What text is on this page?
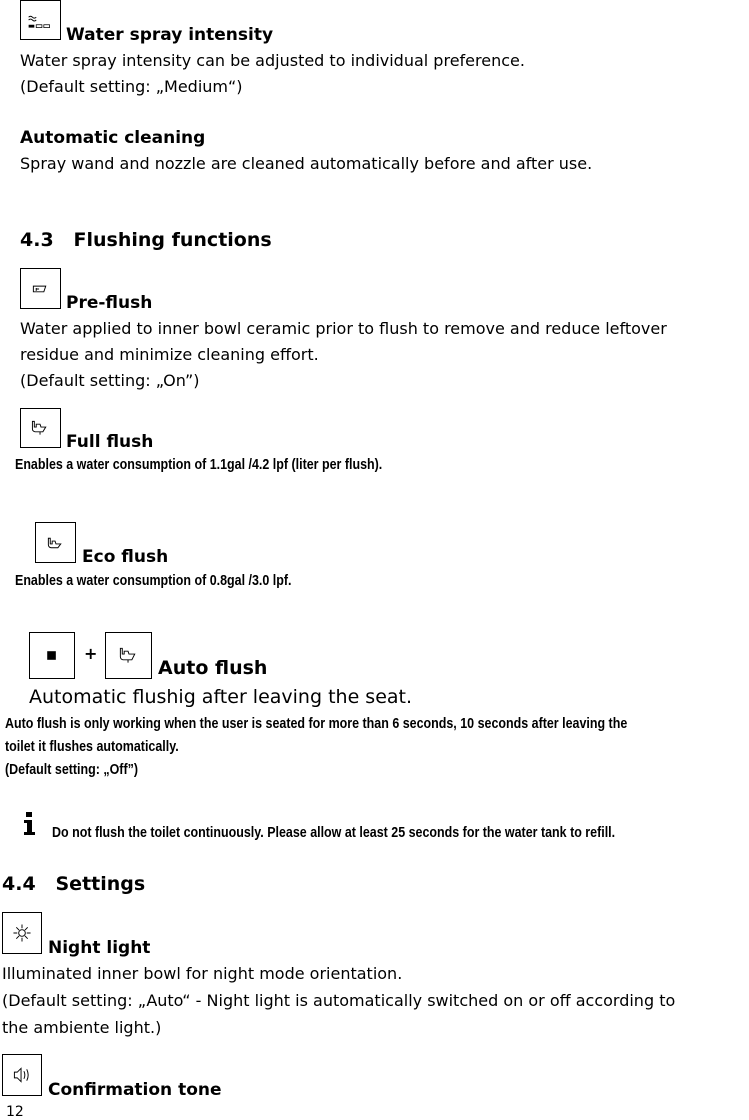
Water spray intensity
Water spray intensity can be adjusted to individual preference.
(Default setting: „Medium“)
Automatic cleaning
Spray wand and nozzle are cleaned automatically before and after use.
4.3   Flushing functions
Pre-flush
Water applied to inner bowl ceramic prior to flush to remove and reduce leftover
residue and minimize cleaning effort.
(Default setting: „On”)
Full flush
Enables a water consumption of 1.1gal /4.2 lpf (liter per flush).
Eco flush
Enables a water consumption of 0.8gal /3.0 lpf.
+
Auto flush
Automatic flushig after leaving the seat.
Auto flush is only working when the user is seated for more than 6 seconds, 10 seconds after leaving the
toilet it flushes automatically.
(Default setting: „Off”)
Do not flush the toilet continuously. Please allow at least 25 seconds for the water tank to refill.
4.4   Settings
Night light
Illuminated inner bowl for night mode orientation.
(Default setting: „Auto“ - Night light is automatically switched on or off according to
the ambiente light.)
Confirmation tone
12
